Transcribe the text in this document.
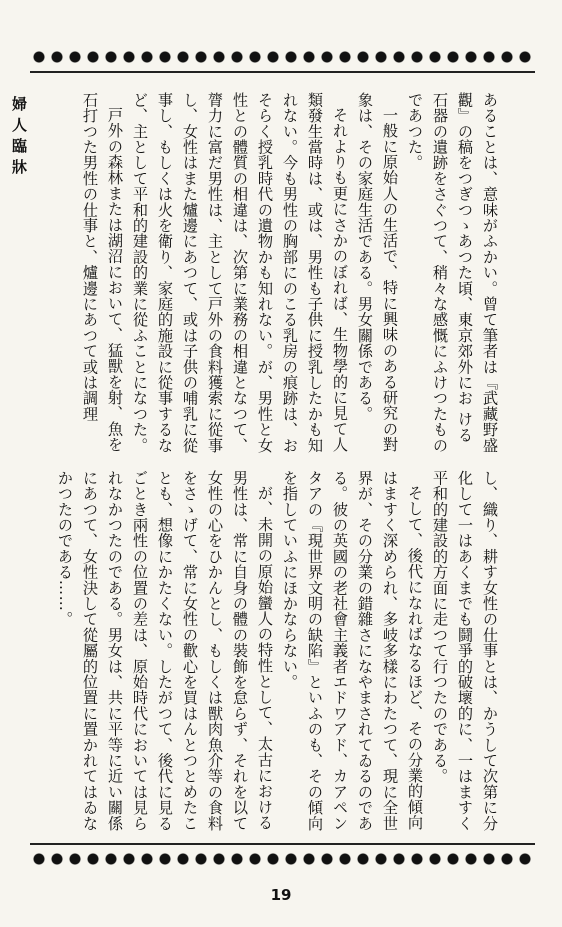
婦人臨牀	あることは、意味がふかい。曾て筆者は『武藏野盛觀』の稿をつぎつゝあつた頃、東京郊外にお ける石器の遺跡をさぐつて、稍々な感慨にふけつたものであつた。

一般に原始人の生活で、特に興味のある研究の對象は、その家庭生活である。男女關係である。

それよりも更にさかのぼれば、生物學的に見て人類發生當時は、或は、男性も子供に授乳したかも知れない。今も男性の胸部にのこる乳房の痕跡は、おそらく授乳時代の遺物かも知れない。が、男性と女性との體質の相違は、次第に業務の相違となつて、膂力に富だ男性は、主として戸外の食料獲索に從事し、女性はまた爐邊にあつて、或は子供の哺乳に從事し、もしくは火を衛り、家庭的施設に從事するなど、主として平和的建設的業に從ふことになつた。

戸外の森林または湖沼において、猛獸を射、魚を石打つた男性の仕事と、爐邊にあつて或は調理

し、織り、耕す女性の仕事とは、かうして次第に分化して一はあくまでも鬪爭的破壞的に、一はますく平和的建設的方面に走つて行つたのである。

そして、後代になればなるほど、その分業的傾向はますく深められ、多岐多樣にわたつて、現に全世界が、その分業の錯雜さになやまされてゐるのである。彼の英國の老社會主義者エドワアド、カアペンタアの『現世界文明の缺陷』といふのも、その傾向を指していふにほかならない。

が、未開の原始蠻人の特性として、太古における男性は、常に自身の體の裝飾を怠らず、それを以て女性の心をひかんとし、もしくは獸肉魚介等の食料をさゝげて、常に女性の歡心を買はんとつとめたことも、想像にかたくない。したがつて、後代に見るごとき兩性の位置の差は、原始時代においては見られなかつたのである。男女は、共に平等に近い關係にあつて、女性決して從屬的位置に置かれてはゐなかつたのである……。

19
